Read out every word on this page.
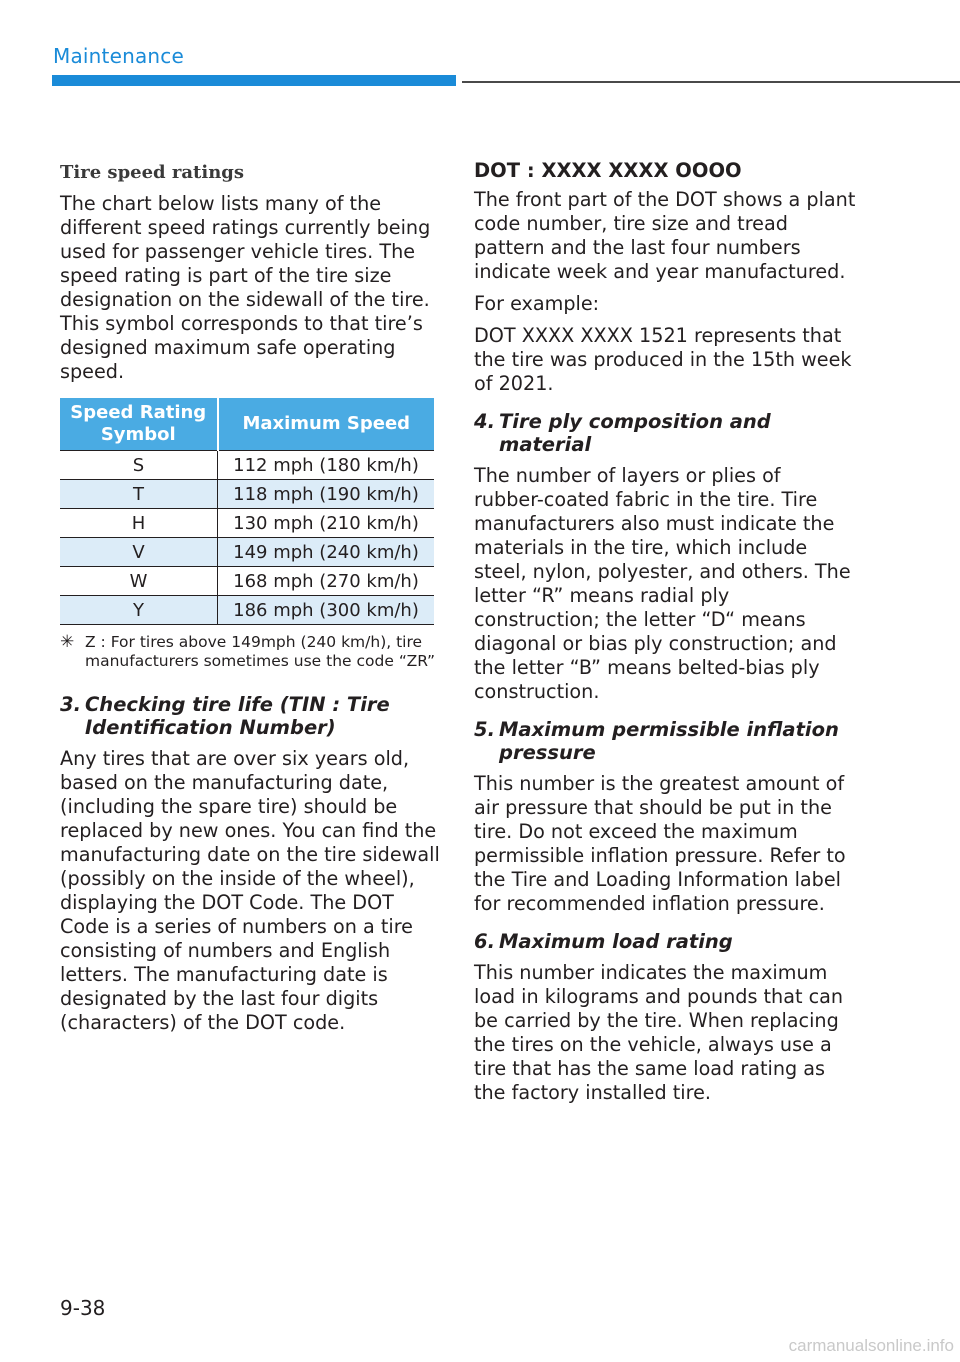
Maintenance
Tire speed ratings

The chart below lists many of the different speed ratings currently being used for passenger vehicle tires. The speed rating is part of the tire size designation on the sidewall of the tire. This symbol corresponds to that tire’s designed maximum safe operating speed.

Speed Rating Symbol	Maximum Speed
S	112 mph (180 km/h)
T	118 mph (190 km/h)
H	130 mph (210 km/h)
V	149 mph (240 km/h)
W	168 mph (270 km/h)
Y	186 mph (300 km/h)
✳ Z : For tires above 149mph (240 km/h), tire manufacturers sometimes use the code “ZR”
3. Checking tire life (TIN : Tire Identification Number)

Any tires that are over six years old, based on the manufacturing date, (including the spare tire) should be replaced by new ones. You can find the manufacturing date on the tire sidewall (possibly on the inside of the wheel), displaying the DOT Code. The DOT Code is a series of numbers on a tire consisting of numbers and English letters. The manufacturing date is designated by the last four digits (characters) of the DOT code.

DOT : XXXX XXXX OOOO

The front part of the DOT shows a plant code number, tire size and tread pattern and the last four numbers indicate week and year manufactured.

For example:

DOT XXXX XXXX 1521 represents that the tire was produced in the 15th week of 2021.

4. Tire ply composition and material

The number of layers or plies of rubber-coated fabric in the tire. Tire manufacturers also must indicate the materials in the tire, which include steel, nylon, polyester, and others. The letter “R” means radial ply construction; the letter “D“ means diagonal or bias ply construction; and the letter “B” means belted-bias ply construction.

5. Maximum permissible inflation pressure

This number is the greatest amount of air pressure that should be put in the tire. Do not exceed the maximum permissible inflation pressure. Refer to the Tire and Loading Information label for recommended inflation pressure.

6. Maximum load rating

This number indicates the maximum load in kilograms and pounds that can be carried by the tire. When replacing the tires on the vehicle, always use a tire that has the same load rating as the factory installed tire.

9-38
carmanualsonline.info
